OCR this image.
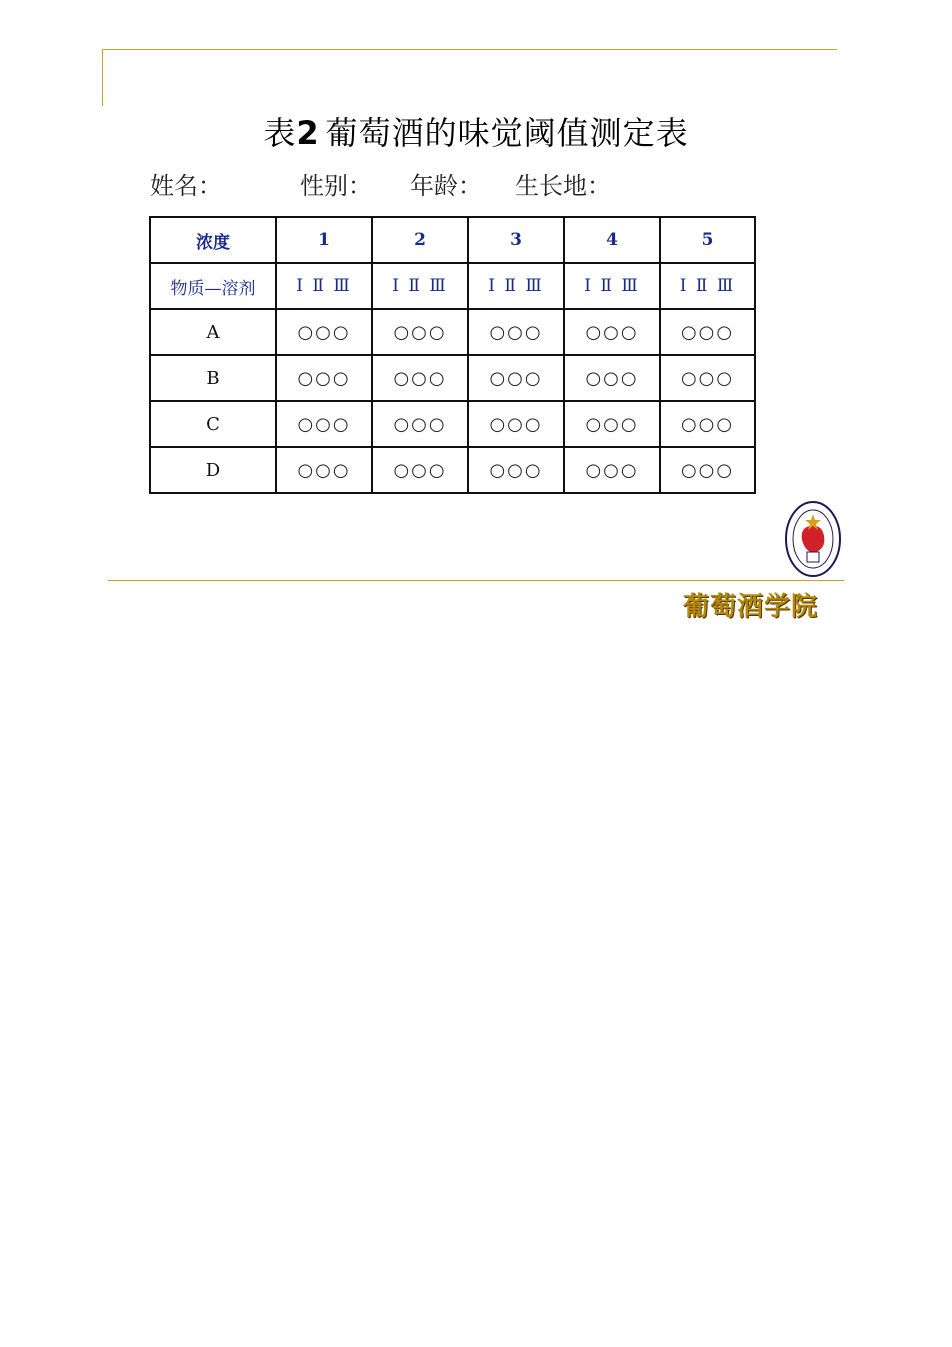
表2 葡萄酒的味觉阈值测定表
姓名：	性别： 年龄： 生长地：
浓度	1	2	3	4	5
物质—溶剂	Ⅰ Ⅱ Ⅲ	Ⅰ Ⅱ Ⅲ	Ⅰ Ⅱ Ⅲ	Ⅰ Ⅱ Ⅲ	Ⅰ Ⅱ Ⅲ
A	○○○	○○○	○○○	○○○	○○○
B	○○○	○○○	○○○	○○○	○○○
C	○○○	○○○	○○○	○○○	○○○
D	○○○	○○○	○○○	○○○	○○○
葡萄酒学院
